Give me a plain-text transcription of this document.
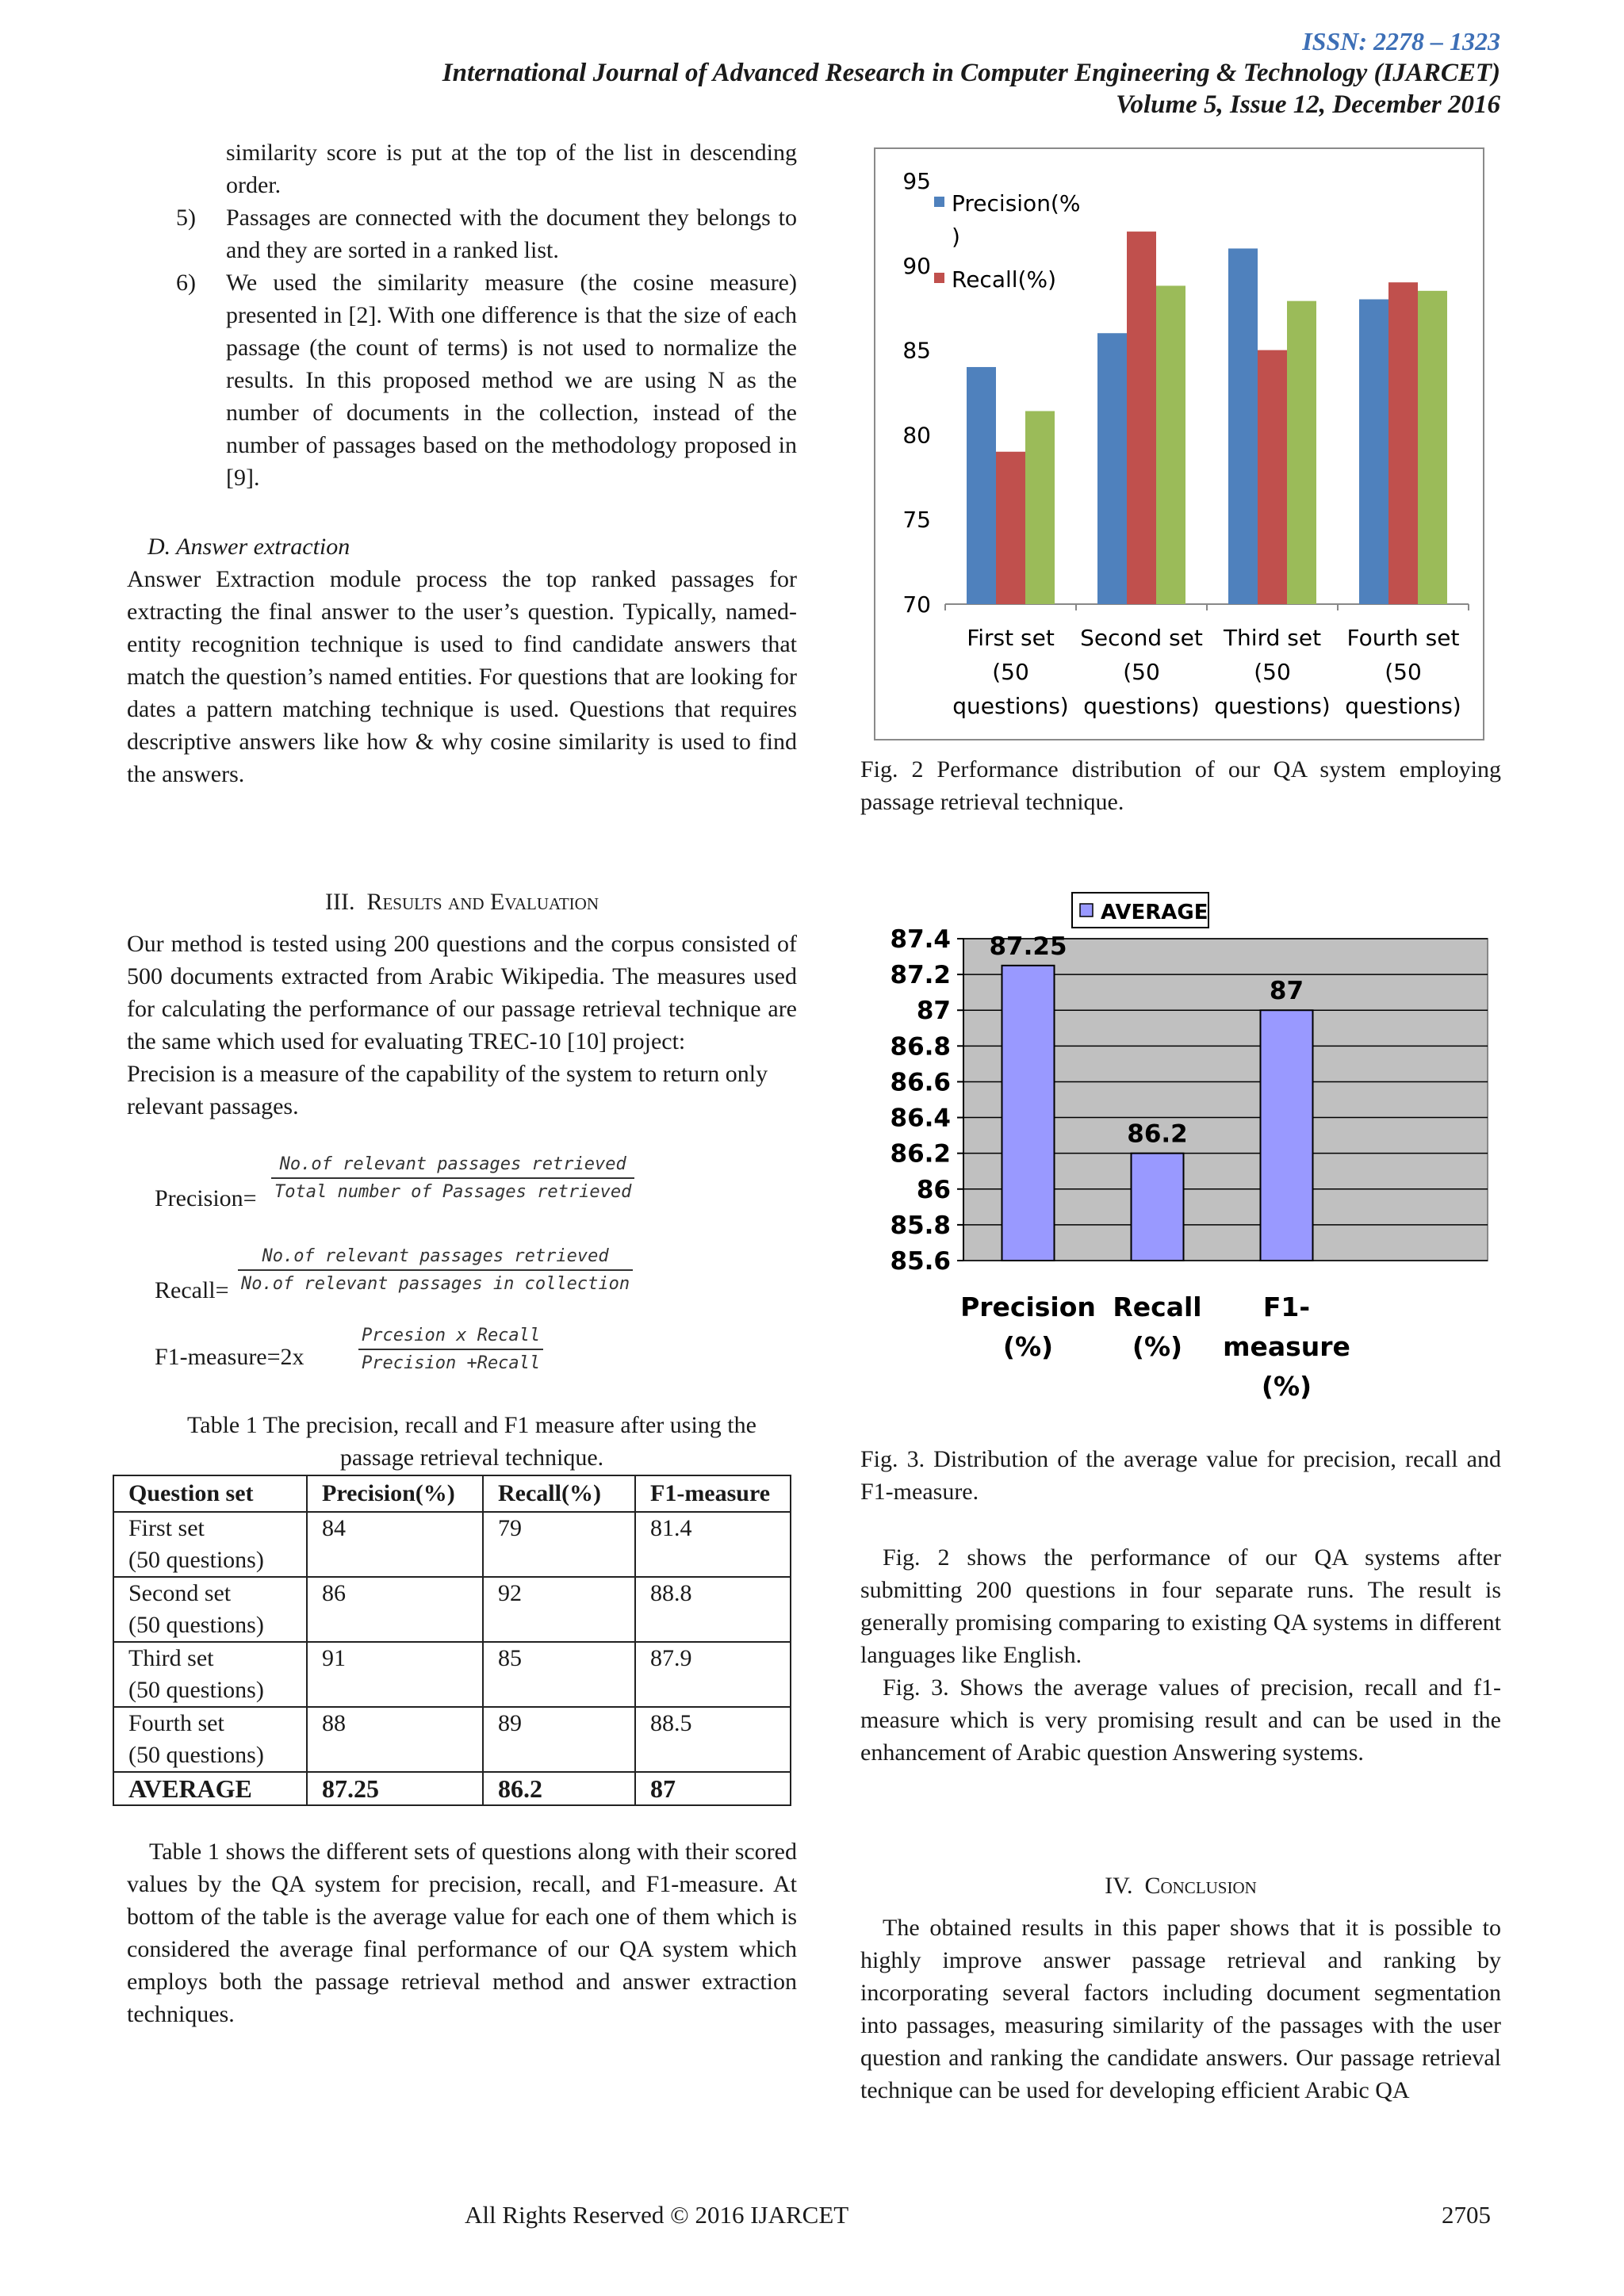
ISSN: 2278 – 1323
International Journal of Advanced Research in Computer Engineering & Technology (IJARCET)
Volume 5, Issue 12, December 2016

similarity score is put at the top of the list in descending order.

5) Passages are connected with the document they belongs to and they are sorted in a ranked list.
6) We used the similarity measure (the cosine measure) presented in [2]. With one difference is that the size of each passage (the count of terms) is not used to normalize the results. In this proposed method we are using N as the number of documents in the collection, instead of the number of passages based on the methodology proposed in [9].

D. Answer extraction

Answer Extraction module process the top ranked passages for extracting the final answer to the user’s question. Typically, named-entity recognition technique is used to find candidate answers that match the question’s named entities. For questions that are looking for dates a pattern matching technique is used. Questions that requires descriptive answers like how & why cosine similarity is used to find the answers.

III. Results and Evaluation

Our method is tested using 200 questions and the corpus consisted of 500 documents extracted from Arabic Wikipedia. The measures used for calculating the performance of our passage retrieval technique are the same which used for evaluating TREC-10 [10] project:

Precision is a measure of the capability of the system to return only relevant passages.

Precision=
No.of relevant passages retrieved
Total number of Passages retrieved
Recall=
No.of relevant passages retrieved
No.of relevant passages in collection
F1-measure=2x
Prcesion x Recall
Precision +Recall
Table 1 The precision, recall and F1 measure after using the passage retrieval technique.
Question set	Precision(%)	Recall(%)	F1-measure
First set
(50 questions)	84	79	81.4
Second set
(50 questions)	86	92	88.8
Third set
(50 questions)	91	85	87.9
Fourth set
(50 questions)	88	89	88.5
AVERAGE	87.25	86.2	87

Table 1 shows the different sets of questions along with their scored values by the QA system for precision, recall, and F1-measure. At bottom of the table is the average value for each one of them which is considered the average final performance of our QA system which employs both the passage retrieval method and answer extraction techniques.

95
90
85
80
75
70
First set
(50
questions)
Second set
(50
questions)
Third set
(50
questions)
Fourth set
(50
questions)
Precision(%
)
Recall(%)

Fig. 2 Performance distribution of our QA system employing passage retrieval technique.

87.4
87.2
87
86.8
86.6
86.4
86.2
86
85.8
85.6
87.25
Precision
(%)
86.2
Recall
(%)
87
F1-
measure
(%)
AVERAGE

Fig. 3. Distribution of the average value for precision, recall and F1-measure.

Fig. 2 shows the performance of our QA systems after submitting 200 questions in four separate runs. The result is generally promising comparing to existing QA systems in different languages like English.

Fig. 3. Shows the average values of precision, recall and f1-measure which is very promising result and can be used in the enhancement of Arabic question Answering systems.

IV. Conclusion

The obtained results in this paper shows that it is possible to highly improve answer passage retrieval and ranking by incorporating several factors including document segmentation into passages, measuring similarity of the passages with the user question and ranking the candidate answers. Our passage retrieval technique can be used for developing efficient Arabic QA

All Rights Reserved © 2016 IJARCET	2705
